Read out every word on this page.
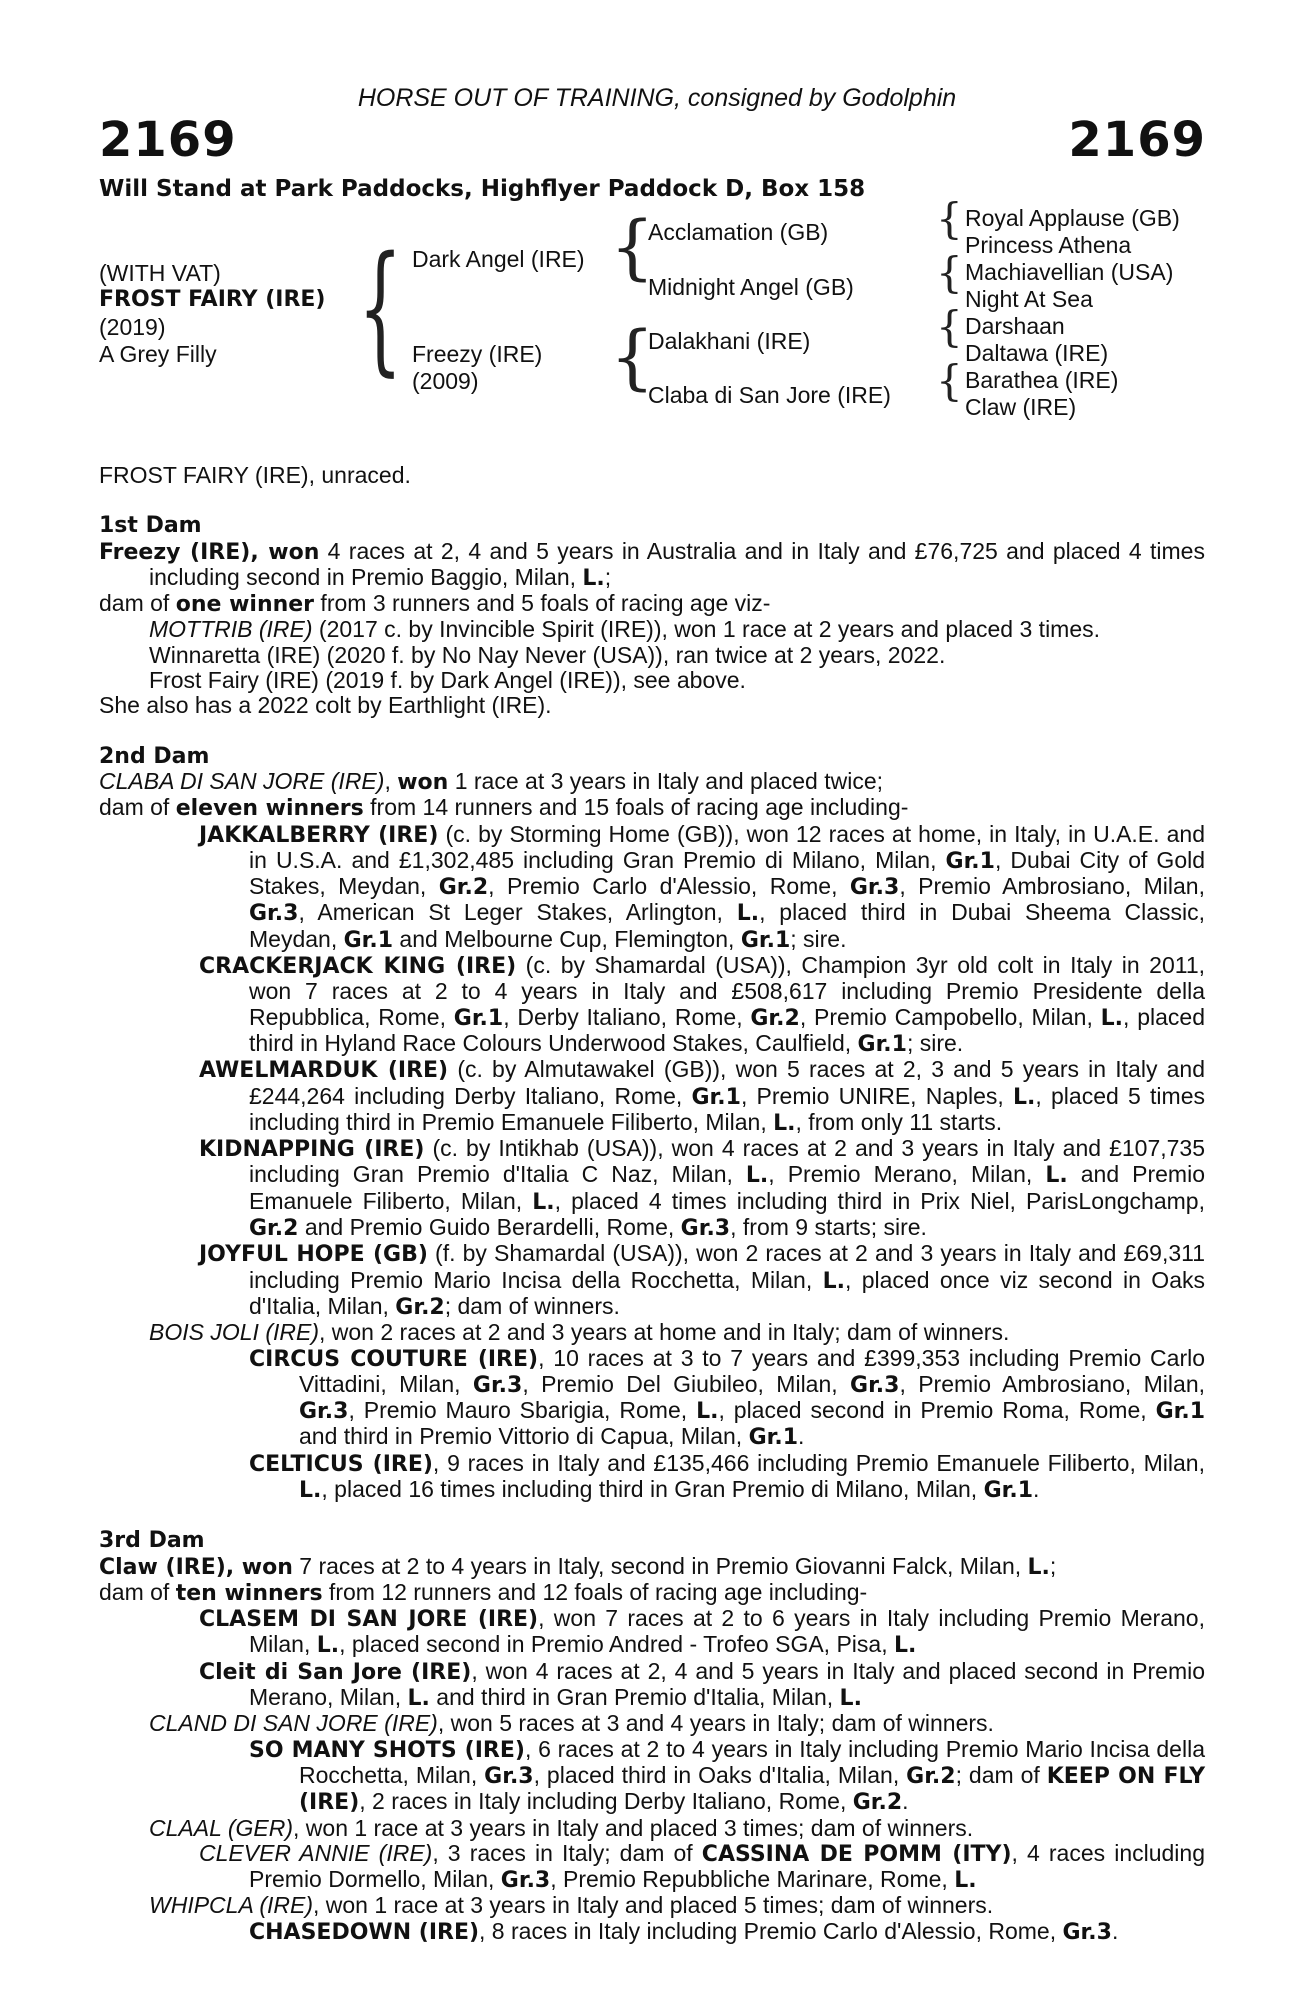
HORSE OUT OF TRAINING, consigned by Godolphin
2169	2169
Will Stand at Park Paddocks, Highflyer Paddock D, Box 158
(WITH VAT)
FROST FAIRY (IRE)
(2019)
A Grey Filly { Dark Angel (IRE)
Freezy (IRE)
(2009)
{
{
Acclamation (GB)
Midnight Angel (GB)
Dalakhani (IRE)
Claba di San Jore (IRE)
{
{
{
{
Royal Applause (GB)
Princess Athena
Machiavellian (USA)
Night At Sea
Darshaan
Daltawa (IRE)
Barathea (IRE)
Claw (IRE)

FROST FAIRY (IRE), unraced.

1st Dam

Freezy (IRE), won 4 races at 2, 4 and 5 years in Australia and in Italy and £76,725 and placed 4 times including second in Premio Baggio, Milan, L.;

dam of one winner from 3 runners and 5 foals of racing age viz-

MOTTRIB (IRE) (2017 c. by Invincible Spirit (IRE)), won 1 race at 2 years and placed 3 times.

Winnaretta (IRE) (2020 f. by No Nay Never (USA)), ran twice at 2 years, 2022.

Frost Fairy (IRE) (2019 f. by Dark Angel (IRE)), see above.

She also has a 2022 colt by Earthlight (IRE).

2nd Dam

CLABA DI SAN JORE (IRE), won 1 race at 3 years in Italy and placed twice;

dam of eleven winners from 14 runners and 15 foals of racing age including-

JAKKALBERRY (IRE) (c. by Storming Home (GB)), won 12 races at home, in Italy, in U.A.E. and in U.S.A. and £1,302,485 including Gran Premio di Milano, Milan, Gr.1, Dubai City of Gold Stakes, Meydan, Gr.2, Premio Carlo d'Alessio, Rome, Gr.3, Premio Ambrosiano, Milan, Gr.3, American St Leger Stakes, Arlington, L., placed third in Dubai Sheema Classic, Meydan, Gr.1 and Melbourne Cup, Flemington, Gr.1; sire.

CRACKERJACK KING (IRE) (c. by Shamardal (USA)), Champion 3yr old colt in Italy in 2011, won 7 races at 2 to 4 years in Italy and £508,617 including Premio Presidente della Repubblica, Rome, Gr.1, Derby Italiano, Rome, Gr.2, Premio Campobello, Milan, L., placed third in Hyland Race Colours Underwood Stakes, Caulfield, Gr.1; sire.

AWELMARDUK (IRE) (c. by Almutawakel (GB)), won 5 races at 2, 3 and 5 years in Italy and £244,264 including Derby Italiano, Rome, Gr.1, Premio UNIRE, Naples, L., placed 5 times including third in Premio Emanuele Filiberto, Milan, L., from only 11 starts.

KIDNAPPING (IRE) (c. by Intikhab (USA)), won 4 races at 2 and 3 years in Italy and £107,735 including Gran Premio d'Italia C Naz, Milan, L., Premio Merano, Milan, L. and Premio Emanuele Filiberto, Milan, L., placed 4 times including third in Prix Niel, ParisLongchamp, Gr.2 and Premio Guido Berardelli, Rome, Gr.3, from 9 starts; sire.

JOYFUL HOPE (GB) (f. by Shamardal (USA)), won 2 races at 2 and 3 years in Italy and £69,311 including Premio Mario Incisa della Rocchetta, Milan, L., placed once viz second in Oaks d'Italia, Milan, Gr.2; dam of winners.

BOIS JOLI (IRE), won 2 races at 2 and 3 years at home and in Italy; dam of winners.

CIRCUS COUTURE (IRE), 10 races at 3 to 7 years and £399,353 including Premio Carlo Vittadini, Milan, Gr.3, Premio Del Giubileo, Milan, Gr.3, Premio Ambrosiano, Milan, Gr.3, Premio Mauro Sbarigia, Rome, L., placed second in Premio Roma, Rome, Gr.1 and third in Premio Vittorio di Capua, Milan, Gr.1.

CELTICUS (IRE), 9 races in Italy and £135,466 including Premio Emanuele Filiberto, Milan, L., placed 16 times including third in Gran Premio di Milano, Milan, Gr.1.

3rd Dam

Claw (IRE), won 7 races at 2 to 4 years in Italy, second in Premio Giovanni Falck, Milan, L.;

dam of ten winners from 12 runners and 12 foals of racing age including-

CLASEM DI SAN JORE (IRE), won 7 races at 2 to 6 years in Italy including Premio Merano, Milan, L., placed second in Premio Andred - Trofeo SGA, Pisa, L.

Cleit di San Jore (IRE), won 4 races at 2, 4 and 5 years in Italy and placed second in Premio Merano, Milan, L. and third in Gran Premio d'Italia, Milan, L.

CLAND DI SAN JORE (IRE), won 5 races at 3 and 4 years in Italy; dam of winners.

SO MANY SHOTS (IRE), 6 races at 2 to 4 years in Italy including Premio Mario Incisa della Rocchetta, Milan, Gr.3, placed third in Oaks d'Italia, Milan, Gr.2; dam of KEEP ON FLY (IRE), 2 races in Italy including Derby Italiano, Rome, Gr.2.

CLAAL (GER), won 1 race at 3 years in Italy and placed 3 times; dam of winners.

CLEVER ANNIE (IRE), 3 races in Italy; dam of CASSINA DE POMM (ITY), 4 races including Premio Dormello, Milan, Gr.3, Premio Repubbliche Marinare, Rome, L.

WHIPCLA (IRE), won 1 race at 3 years in Italy and placed 5 times; dam of winners.

CHASEDOWN (IRE), 8 races in Italy including Premio Carlo d'Alessio, Rome, Gr.3.
